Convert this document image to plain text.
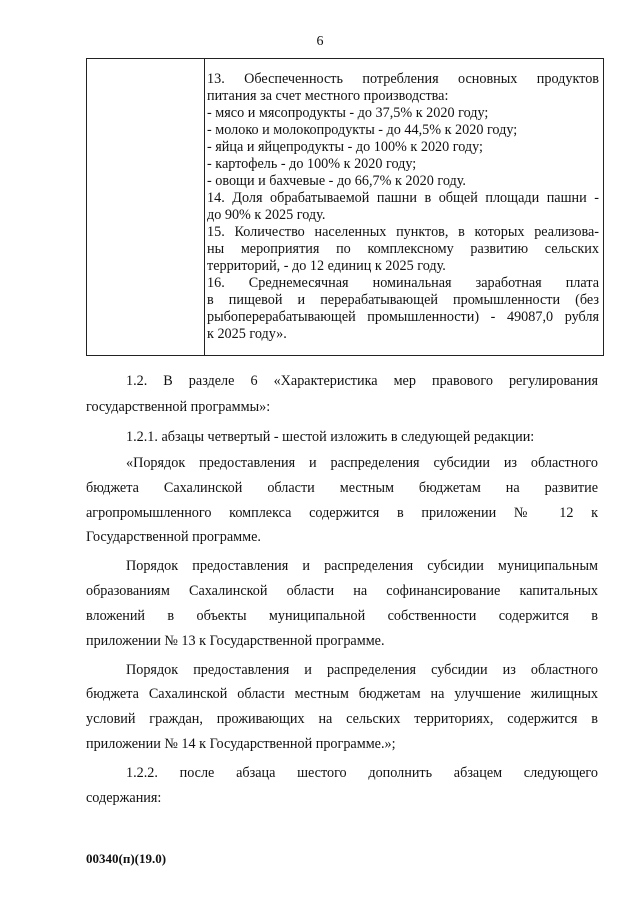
6
13. Обеспеченность потребления основных продуктов
питания за счет местного производства:
- мясо и мясопродукты - до 37,5% к 2020 году;
- молоко и молокопродукты - до 44,5% к 2020 году;
- яйца и яйцепродукты - до 100% к 2020 году;
- картофель - до 100% к 2020 году;
- овощи и бахчевые - до 66,7% к 2020 году.
14. Доля обрабатываемой пашни в общей площади пашни -
до 90% к 2025 году.
15. Количество населенных пунктов, в которых реализова-
ны мероприятия по комплексному развитию сельских
территорий, - до 12 единиц к 2025 году.
16. Среднемесячная номинальная заработная плата
в пищевой и перерабатывающей промышленности (без
рыбоперерабатывающей промышленности) - 49087,0 рубля
к 2025 году».
1.2. В разделе 6 «Характеристика мер правового регулирования
государственной программы»:
1.2.1. абзацы четвертый - шестой изложить в следующей редакции:
«Порядок предоставления и распределения субсидии из областного
бюджета Сахалинской области местным бюджетам на развитие
агропромышленного комплекса содержится в приложении № 12 к
Государственной программе.
Порядок предоставления и распределения субсидии муниципальным
образованиям Сахалинской области на софинансирование капитальных
вложений в объекты муниципальной собственности содержится в
приложении № 13 к Государственной программе.
Порядок предоставления и распределения субсидии из областного
бюджета Сахалинской области местным бюджетам на улучшение жилищных
условий граждан, проживающих на сельских территориях, содержится в
приложении № 14 к Государственной программе.»;
1.2.2. после абзаца шестого дополнить абзацем следующего
содержания:
00340(п)(19.0)
